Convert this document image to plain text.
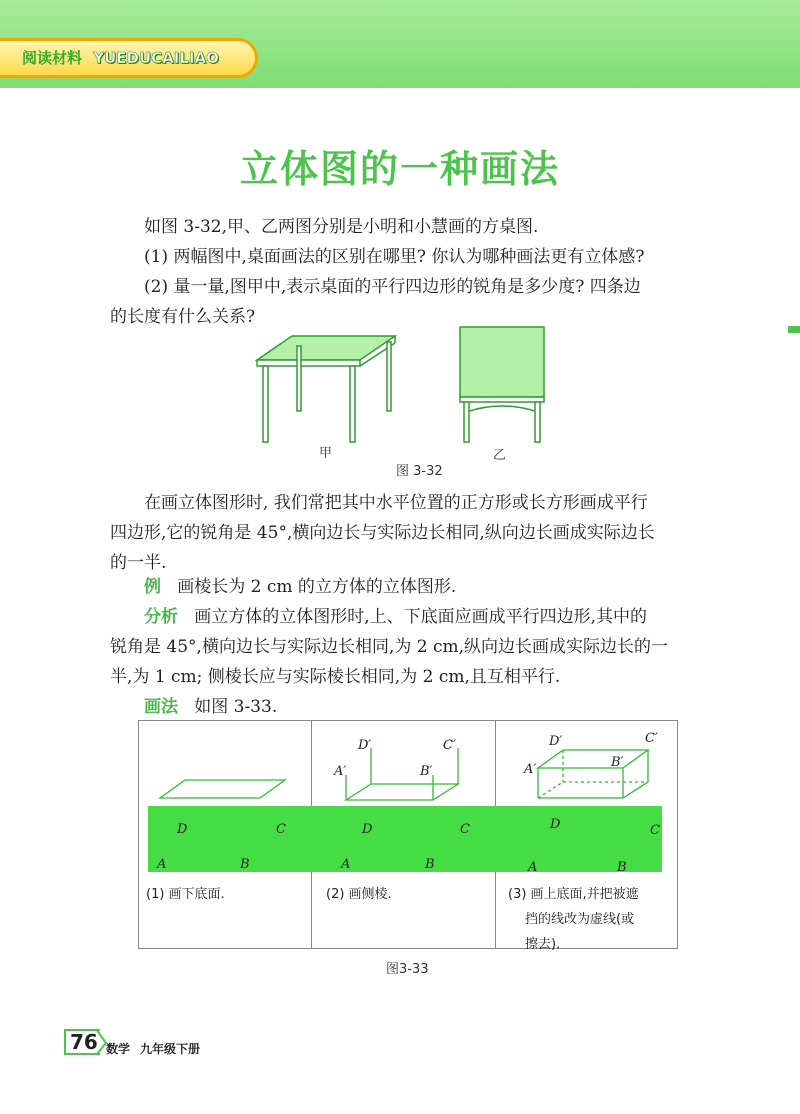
阅读材料 YUEDUCAILIAO
立体图的一种画法
如图 3-32,甲、乙两图分别是小明和小慧画的方桌图.
(1) 两幅图中,桌面画法的区别在哪里? 你认为哪种画法更有立体感?
(2) 量一量,图甲中,表示桌面的平行四边形的锐角是多少度? 四条边
的长度有什么关系?
甲	乙
图 3-32
在画立体图形时, 我们常把其中水平位置的正方形或长方形画成平行
四边形,它的锐角是 45°,横向边长与实际边长相同,纵向边长画成实际边长
的一半.
例 画棱长为 2 cm 的立方体的立体图形.
分析 画立方体的立体图形时,上、下底面应画成平行四边形,其中的
锐角是 45°,横向边长与实际边长相同,为 2 cm,纵向边长画成实际边长的一
半,为 1 cm; 侧棱长应与实际棱长相同,为 2 cm,且互相平行.
画法 如图 3-33.
D′	C′
A′	B′
D′	C′
A′	B′
D	C
A	B
D	C
A	B
D	C
A	B
(1) 画下底面.	(2) 画侧棱.	(3) 画上底面,并把被遮
挡的线改为虚线(或
擦去).
图3-33
76 数学 九年级下册
